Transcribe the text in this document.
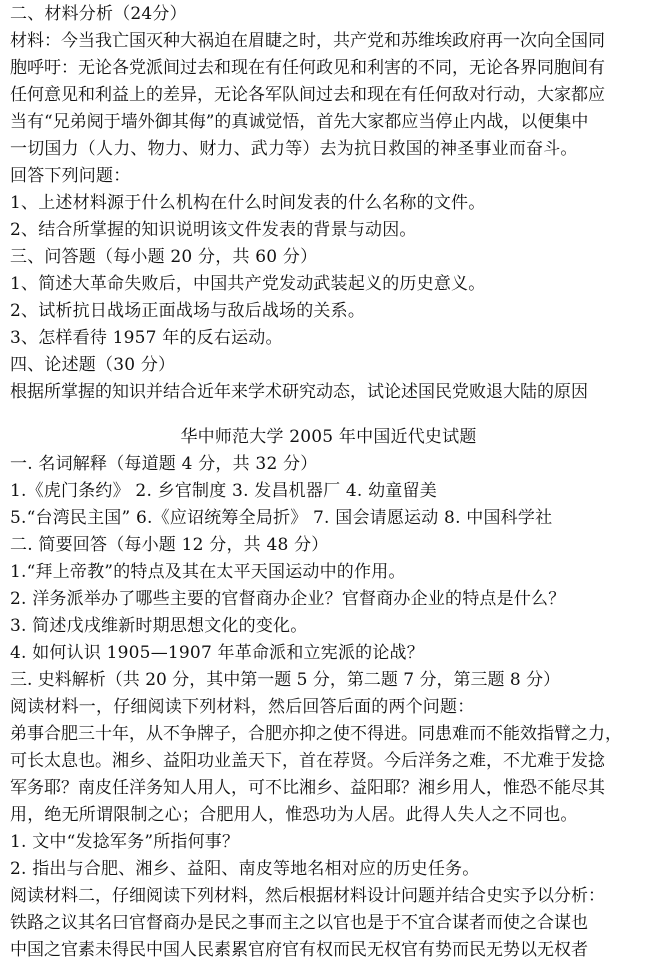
二、材料分析（24分）
材料：今当我亡国灭种大祸迫在眉睫之时，共产党和苏维埃政府再一次向全国同
胞呼吁：无论各党派间过去和现在有任何政见和利害的不同，无论各界同胞间有
任何意见和利益上的差异，无论各军队间过去和现在有任何敌对行动，大家都应
当有“兄弟阋于墙外御其侮”的真诚觉悟，首先大家都应当停止内战，以便集中
一切国力（人力、物力、财力、武力等）去为抗日救国的神圣事业而奋斗。
回答下列问题：
1、上述材料源于什么机构在什么时间发表的什么名称的文件。
2、结合所掌握的知识说明该文件发表的背景与动因。
三、问答题（每小题 20 分，共 60 分）
1、简述大革命失败后，中国共产党发动武装起义的历史意义。
2、试析抗日战场正面战场与敌后战场的关系。
3、怎样看待 1957 年的反右运动。
四、论述题（30 分）
根据所掌握的知识并结合近年来学术研究动态，试论述国民党败退大陆的原因
华中师范大学 2005 年中国近代史试题
一. 名词解释（每道题 4 分，共 32 分）
1.《虎门条约》 2. 乡官制度 3. 发昌机器厂 4. 幼童留美
5.“台湾民主国” 6.《应诏统筹全局折》 7. 国会请愿运动 8. 中国科学社
二. 简要回答（每小题 12 分，共 48 分）
1.“拜上帝教”的特点及其在太平天国运动中的作用。
2. 洋务派举办了哪些主要的官督商办企业？官督商办企业的特点是什么？
3. 简述戊戌维新时期思想文化的变化。
4. 如何认识 1905—1907 年革命派和立宪派的论战？
三. 史料解析（共 20 分，其中第一题 5 分，第二题 7 分，第三题 8 分）
阅读材料一，仔细阅读下列材料，然后回答后面的两个问题：
弟事合肥三十年，从不争牌子，合肥亦抑之使不得进。同患难而不能效指臂之力，
可长太息也。湘乡、益阳功业盖天下，首在荐贤。今后洋务之难，不尤难于发捻
军务耶？南皮任洋务知人用人，可不比湘乡、益阳耶？湘乡用人，惟恐不能尽其
用，绝无所谓限制之心；合肥用人，惟恐功为人居。此得人失人之不同也。
1. 文中“发捻军务”所指何事？
2. 指出与合肥、湘乡、益阳、南皮等地名相对应的历史任务。
阅读材料二，仔细阅读下列材料，然后根据材料设计问题并结合史实予以分析：
铁路之议其名曰官督商办是民之事而主之以官也是于不宜合谋者而使之合谋也
中国之官素未得民中国人民素累官府官有权而民无权官有势而民无势以无权者
